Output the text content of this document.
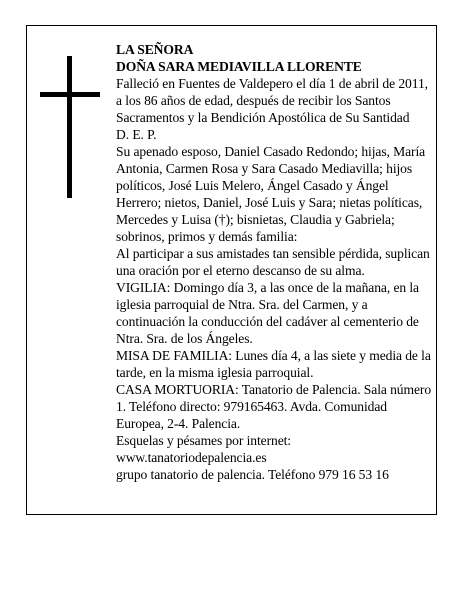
LA SEÑORA

DOÑA SARA MEDIAVILLA LLORENTE

Falleció en Fuentes de Valdepero el día 1 de abril de 2011, a los 86 años de edad, después de recibir los Santos Sacramentos y la Bendición Apostólica de Su Santidad

D. E. P.

Su apenado esposo, Daniel Casado Redondo; hijas, María Antonia, Carmen Rosa y Sara Casado Mediavilla; hijos políticos, José Luis Melero, Ángel Casado y Ángel Herrero; nietos, Daniel, José Luis y Sara; nietas políticas, Mercedes y Luisa (†); bisnietas, Claudia y Gabriela; sobrinos, primos y demás familia:

Al participar a sus amistades tan sensible pérdida, suplican una oración por el eterno descanso de su alma.

VIGILIA: Domingo día 3, a las once de la mañana, en la iglesia parroquial de Ntra. Sra. del Carmen, y a continuación la conducción del cadáver al cementerio de Ntra. Sra. de los Ángeles.

MISA DE FAMILIA: Lunes día 4, a las siete y media de la tarde, en la misma iglesia parroquial.

CASA MORTUORIA: Tanatorio de Palencia. Sala número 1. Teléfono directo: 979165463. Avda. Comunidad Europea, 2-4. Palencia.

Esquelas y pésames por internet:

www.tanatoriodepalencia.es

grupo tanatorio de palencia. Teléfono 979 16 53 16
